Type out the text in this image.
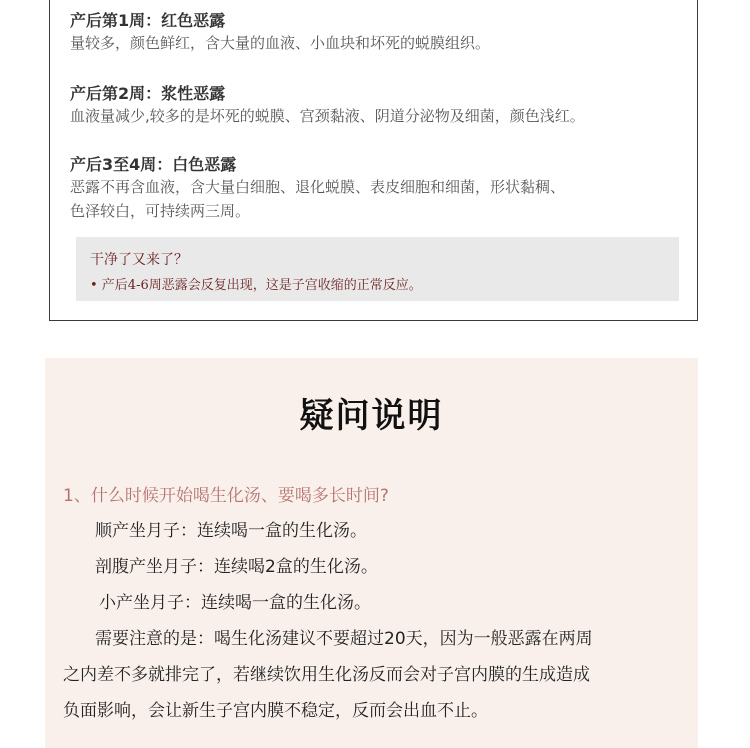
产后第1周：红色恶露
量较多，颜色鲜红，含大量的血液、小血块和坏死的蜕膜组织。
产后第2周：浆性恶露
血液量减少,较多的是坏死的蜕膜、宫颈黏液、阴道分泌物及细菌，颜色浅红。
产后3至4周：白色恶露
恶露不再含血液，含大量白细胞、退化蜕膜、表皮细胞和细菌，形状黏稠、
色泽较白，可持续两三周。
干净了又来了？
• 产后4-6周恶露会反复出现，这是子宫收缩的正常反应。
疑问说明
1、什么时候开始喝生化汤、要喝多长时间?
顺产坐月子：连续喝一盒的生化汤。
剖腹产坐月子：连续喝2盒的生化汤。
小产坐月子：连续喝一盒的生化汤。
需要注意的是：喝生化汤建议不要超过20天，因为一般恶露在两周
之内差不多就排完了，若继续饮用生化汤反而会对子宫内膜的生成造成
负面影响，会让新生子宫内膜不稳定，反而会出血不止。
